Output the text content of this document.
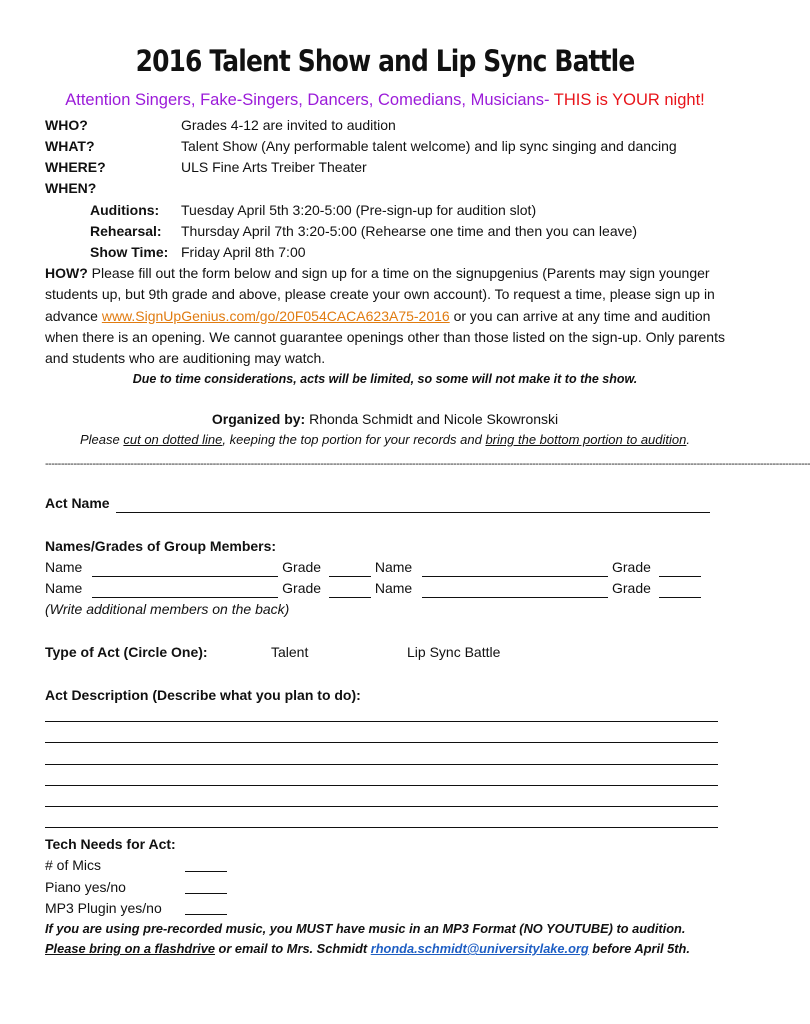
2016 Talent Show and Lip Sync Battle
Attention Singers, Fake-Singers, Dancers, Comedians, Musicians- THIS is YOUR night!
WHO?	Grades 4-12 are invited to audition
WHAT?	Talent Show (Any performable talent welcome) and lip sync singing and dancing
WHERE?	ULS Fine Arts Treiber Theater
WHEN?
Auditions: Tuesday April 5th 3:20-5:00 (Pre-sign-up for audition slot)
Rehearsal: Thursday April 7th 3:20-5:00 (Rehearse one time and then you can leave)
Show Time: Friday April 8th 7:00
HOW? Please fill out the form below and sign up for a time on the signupgenius (Parents may sign younger students up, but 9th grade and above, please create your own account). To request a time, please sign up in advance www.SignUpGenius.com/go/20F054CACA623A75-2016 or you can arrive at any time and audition when there is an opening. We cannot guarantee openings other than those listed on the sign-up. Only parents and students who are auditioning may watch.
Due to time considerations, acts will be limited, so some will not make it to the show.
Organized by: Rhonda Schmidt and Nicole Skowronski
Please cut on dotted line, keeping the top portion for your records and bring the bottom portion to audition.
--------------------------------------------------------------------------------------------------------------------------------------------------------------------------------------------------------------------------------------------------
Act Name
Names/Grades of Group Members:
Name	Grade	Name	Grade
Name	Grade	Name	Grade
(Write additional members on the back)
Type of Act (Circle One):	Talent	Lip Sync Battle
Act Description (Describe what you plan to do):
Tech Needs for Act:
# of Mics
Piano yes/no
MP3 Plugin yes/no
If you are using pre-recorded music, you MUST have music in an MP3 Format (NO YOUTUBE) to audition.
Please bring on a flashdrive or email to Mrs. Schmidt rhonda.schmidt@universitylake.org before April 5th.
